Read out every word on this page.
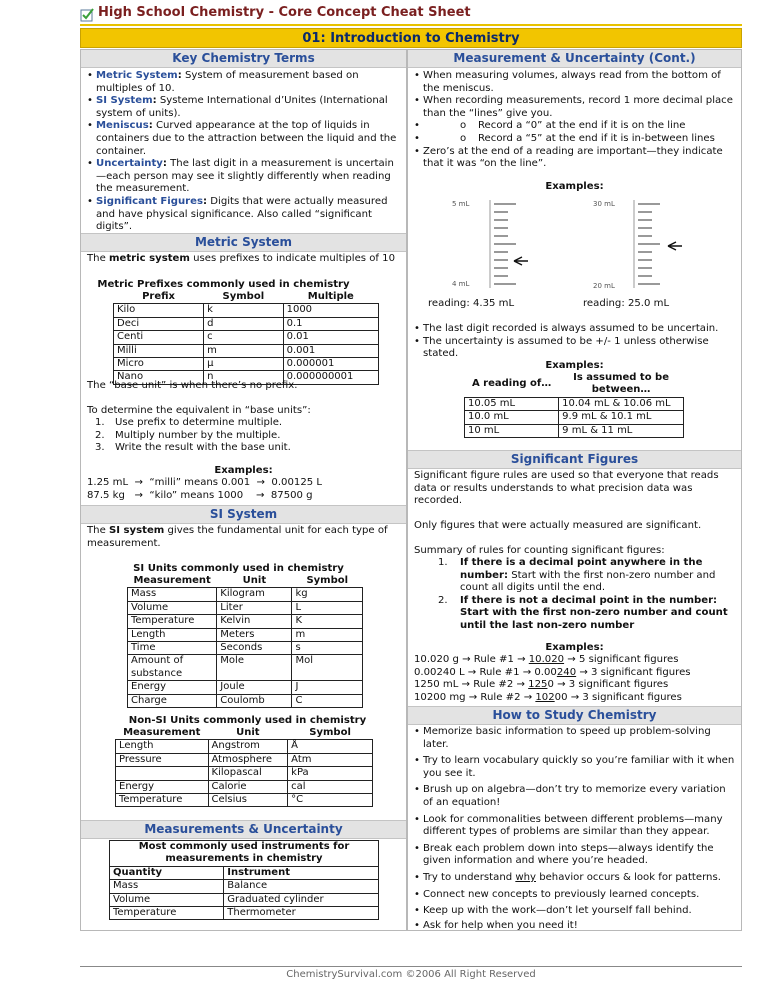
High School Chemistry - Core Concept Cheat Sheet
01: Introduction to Chemistry
Key Chemistry Terms
• Metric System: System of measurement based on multiples of 10.
• SI System: Systeme International d’Unites (International system of units).
• Meniscus: Curved appearance at the top of liquids in containers due to the attraction between the liquid and the container.
• Uncertainty: The last digit in a measurement is uncertain—each person may see it slightly differently when reading the measurement.
• Significant Figures: Digits that were actually measured and have physical significance. Also called “significant digits”.
Metric System
The metric system uses prefixes to indicate multiples of 10
Metric Prefixes commonly used in chemistry
Prefix	Symbol	Multiple
Kilo	k	1000
Deci	d	0.1
Centi	c	0.01
Milli	m	0.001
Micro	μ	0.000001
Nano	n	0.000000001
The “base unit” is when there’s no prefix.
To determine the equivalent in “base units”:
1. Use prefix to determine multiple.
2. Multiply number by the multiple.
3. Write the result with the base unit.
Examples:
1.25 mL  →  “milli” means 0.001  →  0.00125 L
87.5 kg   →  “kilo” means 1000    →  87500 g
SI System
The SI system gives the fundamental unit for each type of measurement.
SI Units commonly used in chemistry
Measurement	Unit	Symbol
Mass	Kilogram	kg
Volume	Liter	L
Temperature	Kelvin	K
Length	Meters	m
Time	Seconds	s
Amount of substance	Mole	Mol
Energy	Joule	J
Charge	Coulomb	C
Non-SI Units commonly used in chemistry
Measurement	Unit	Symbol
Length	Angstrom	Å
Pressure	Atmosphere	Atm
	Kilopascal	kPa
Energy	Calorie	cal
Temperature	Celsius	°C
Measurements & Uncertainty
Most commonly used instruments for measurements in chemistry	
Quantity	Instrument
Mass	Balance
Volume	Graduated cylinder
Temperature	Thermometer
Measurement & Uncertainty (Cont.)
• When measuring volumes, always read from the bottom of the meniscus.
• When recording measurements, record 1 more decimal place than the “lines” give you.
• o Record a “0” at the end if it is on the line
• o Record a “5” at the end if it is in-between lines
• Zero’s at the end of a reading are important—they indicate that it was “on the line”.
Examples:
5 mL
4 mL
30 mL
20 mL
reading: 4.35 mL	reading: 25.0 mL
• The last digit recorded is always assumed to be uncertain.
• The uncertainty is assumed to be +/- 1 unless otherwise stated.
Examples:
A reading of…	Is assumed to be between…
10.05 mL	10.04 mL & 10.06 mL
10.0 mL	9.9 mL & 10.1 mL
10 mL	9 mL & 11 mL
Significant Figures
Significant figure rules are used so that everyone that reads data or results understands to what precision data was recorded.
Only figures that were actually measured are significant.
Summary of rules for counting significant figures:
1. If there is a decimal point anywhere in the number: Start with the first non-zero number and count all digits until the end.
2. If there is not a decimal point in the number: Start with the first non-zero number and count until the last non-zero number
Examples:
10.020 g → Rule #1 → 10.020 → 5 significant figures
0.00240 L → Rule #1 → 0.00240 → 3 significant figures
1250 mL → Rule #2 → 1250 → 3 significant figures
10200 mg → Rule #2 → 10200 → 3 significant figures
How to Study Chemistry
• Memorize basic information to speed up problem-solving later.
• Try to learn vocabulary quickly so you’re familiar with it when you see it.
• Brush up on algebra—don’t try to memorize every variation of an equation!
• Look for commonalities between different problems—many different types of problems are similar than they appear.
• Break each problem down into steps—always identify the given information and where you’re headed.
• Try to understand why behavior occurs & look for patterns.
• Connect new concepts to previously learned concepts.
• Keep up with the work—don’t let yourself fall behind.
• Ask for help when you need it!
ChemistrySurvival.com ©2006 All Right Reserved
